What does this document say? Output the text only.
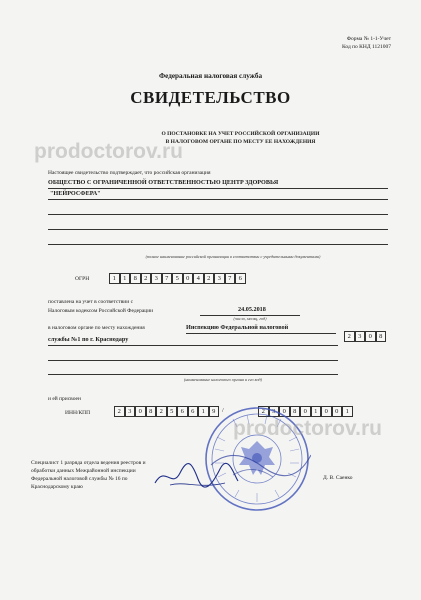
Форма № 1-1-Учет
Код по КНД 1121007
Федеральная налоговая служба
СВИДЕТЕЛЬСТВО
О ПОСТАНОВКЕ НА УЧЕТ РОССИЙСКОЙ ОРГАНИЗАЦИИ
В НАЛОГОВОМ ОРГАНЕ ПО МЕСТУ ЕЕ НАХОЖДЕНИЯ
Настоящее свидетельство подтверждает, что российская организация
ОБЩЕСТВО С ОГРАНИЧЕННОЙ ОТВЕТСТВЕННОСТЬЮ ЦЕНТР ЗДОРОВЬЯ
"НЕЙРОСФЕРА"
(полное наименование российской организации в соответствии с учредительными документами)
ОГРН	1	1	8	2	3	7	5	0	4	2	3	7	6
поставлена на учет в соответствии с
Налоговым кодексом Российской Федерации	24.05.2018
(число, месяц, год)
в налоговом органе по месту нахождения	Инспекцию Федеральной налоговой
службы №1 по г. Краснодару	2	3	0	8
(наименование налогового органа и его код)
и ей присвоен
ИНН/КПП	2	3	0	8	2	5	6	6	1	9	/	2	3	0	8	0	1	0	0	1
Специалист 1 разряда отдела ведения реестров и
обработки данных Межрайонной инспекции
Федеральной налоговой службы № 16 по
Краснодарскому краю
Д. В. Саенко
prodoctorov.ru
prodoctorov.ru
